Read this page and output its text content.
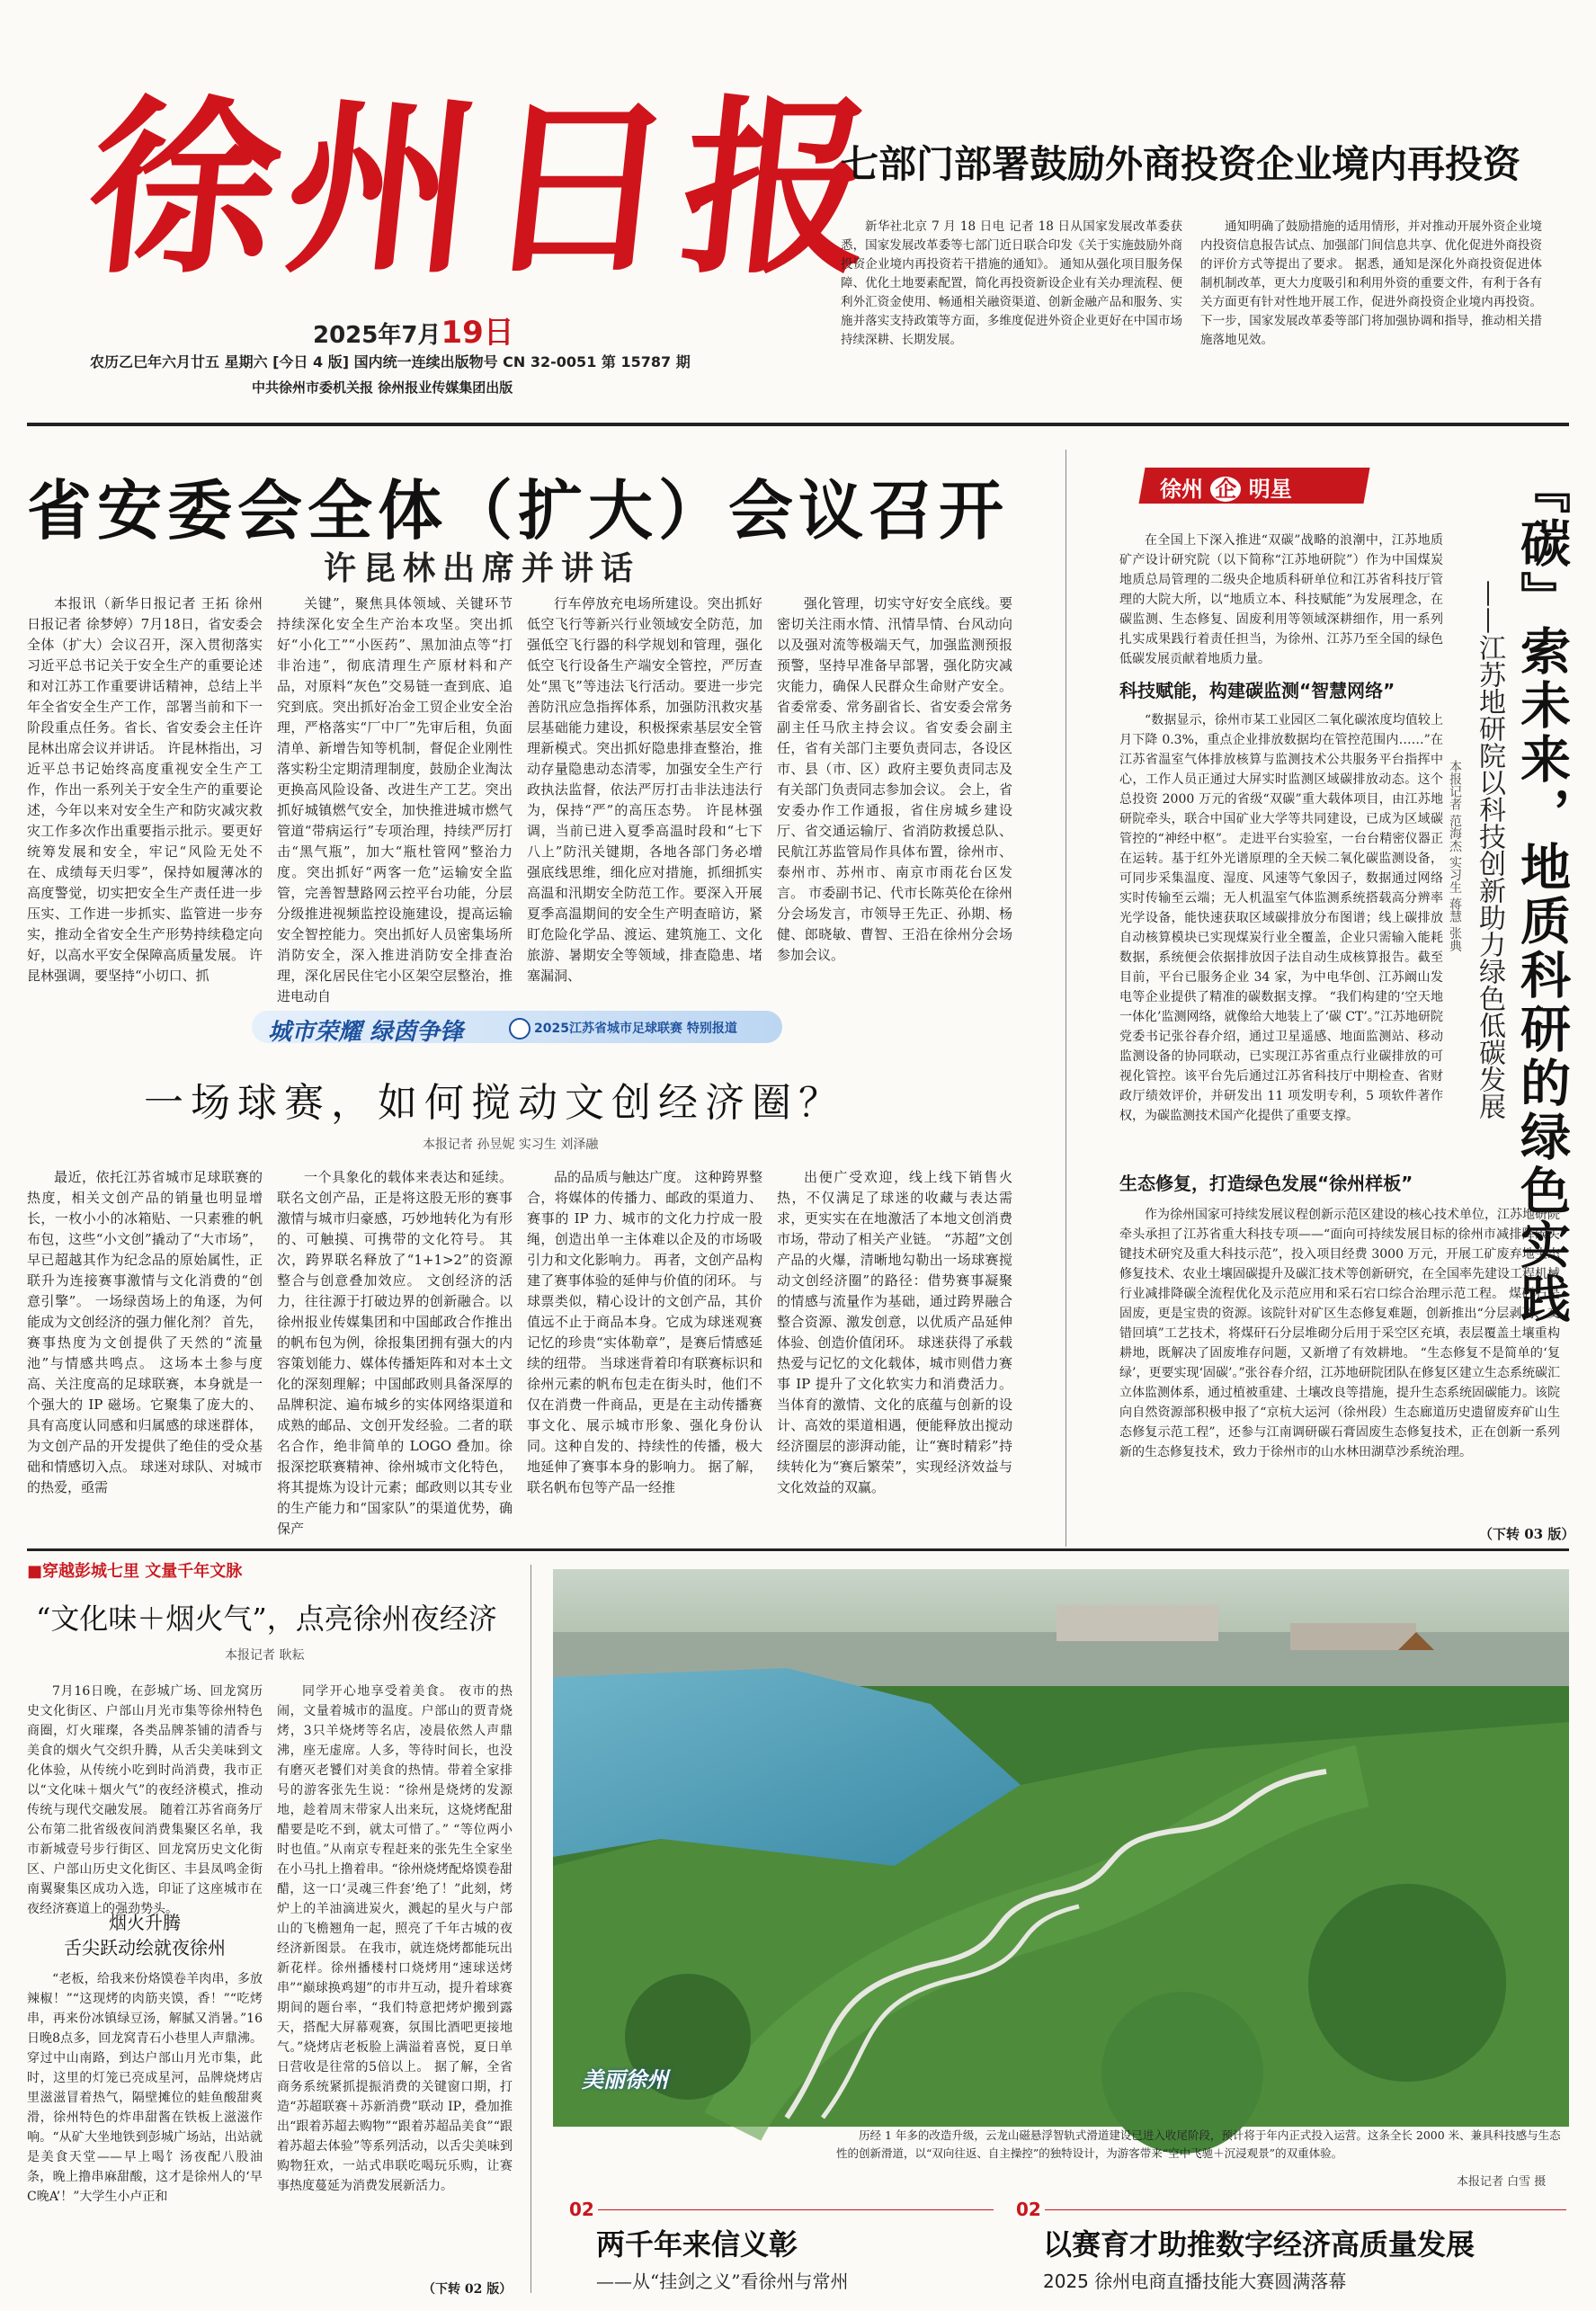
徐州日报
2025年7月19日
农历乙巳年六月廿五 星期六 [今日 4 版] 国内统一连续出版物号 CN 32-0051 第 15787 期
中共徐州市委机关报 徐州报业传媒集团出版
七部门部署鼓励外商投资企业境内再投资

新华社北京 7 月 18 日电 记者 18 日从国家发展改革委获悉，国家发展改革委等七部门近日联合印发《关于实施鼓励外商投资企业境内再投资若干措施的通知》。 通知从强化项目服务保障、优化土地要素配置，简化再投资新设企业有关办理流程、便利外汇资金使用、畅通相关融资渠道、创新金融产品和服务、实施并落实支持政策等方面，多维度促进外资企业更好在中国市场持续深耕、长期发展。

通知明确了鼓励措施的适用情形，并对推动开展外资企业境内投资信息报告试点、加强部门间信息共享、优化促进外商投资的评价方式等提出了要求。 据悉，通知是深化外商投资促进体制机制改革，更大力度吸引和利用外资的重要文件，有利于各有关方面更有针对性地开展工作，促进外商投资企业境内再投资。下一步，国家发展改革委等部门将加强协调和指导，推动相关措施落地见效。

省安委会全体（扩大）会议召开
许昆林出席并讲话

本报讯（新华日报记者 王拓 徐州日报记者 徐梦婷）7月18日，省安委会全体（扩大）会议召开，深入贯彻落实习近平总书记关于安全生产的重要论述和对江苏工作重要讲话精神，总结上半年全省安全生产工作，部署当前和下一阶段重点任务。省长、省安委会主任许昆林出席会议并讲话。 许昆林指出，习近平总书记始终高度重视安全生产工作，作出一系列关于安全生产的重要论述，今年以来对安全生产和防灾减灾救灾工作多次作出重要指示批示。要更好统筹发展和安全，牢记“风险无处不在、成绩每天归零”，保持如履薄冰的高度警觉，切实把安全生产责任进一步压实、工作进一步抓实、监管进一步夯实，推动全省安全生产形势持续稳定向好，以高水平安全保障高质量发展。 许昆林强调，要坚持“小切口、抓

关键”，聚焦具体领域、关键环节持续深化安全生产治本攻坚。突出抓好“小化工”“小医药”、黑加油点等“打非治违”，彻底清理生产原材料和产品，对原料“灰色”交易链一查到底、追究到底。突出抓好冶金工贸企业安全治理，严格落实“厂中厂”先审后租，负面清单、新增告知等机制，督促企业刚性落实粉尘定期清理制度，鼓励企业淘汰更换高风险设备、改进生产工艺。突出抓好城镇燃气安全，加快推进城市燃气管道“带病运行”专项治理，持续严厉打击“黑气瓶”，加大“瓶杜管网”整治力度。突出抓好“两客一危”运输安全监管，完善智慧路网云控平台功能，分层分级推进视频监控设施建设，提高运输安全智控能力。突出抓好人员密集场所消防安全，深入推进消防安全排查治理，深化居民住宅小区架空层整治，推进电动自

行车停放充电场所建设。突出抓好低空飞行等新兴行业领域安全防范，加强低空飞行器的科学规划和管理，强化低空飞行设备生产端安全管控，严厉查处“黑飞”等违法飞行活动。要进一步完善防汛应急指挥体系，加强防汛救灾基层基础能力建设，积极探索基层安全管理新模式。突出抓好隐患排查整治，推动存量隐患动态清零，加强安全生产行政执法监督，依法严厉打击非法违法行为，保持“严”的高压态势。 许昆林强调，当前已进入夏季高温时段和“七下八上”防汛关键期，各地各部门务必增强底线思维，细化应对措施，抓细抓实高温和汛期安全防范工作。要深入开展夏季高温期间的安全生产明查暗访，紧盯危险化学品、渡运、建筑施工、文化旅游、暑期安全等领域，排查隐患、堵塞漏洞、

强化管理，切实守好安全底线。要密切关注雨水情、汛情旱情、台风动向以及强对流等极端天气，加强监测预报预警，坚持早准备早部署，强化防灾减灾能力，确保人民群众生命财产安全。 省委常委、常务副省长、省安委会常务副主任马欣主持会议。省安委会副主任，省有关部门主要负责同志，各设区市、县（市、区）政府主要负责同志及有关部门负责同志参加会议。 会上，省安委办作工作通报，省住房城乡建设厅、省交通运输厅、省消防救援总队、民航江苏监管局作具体布置，徐州市、泰州市、苏州市、南京市雨花台区发言。 市委副书记、代市长陈英伦在徐州分会场发言，市领导王先正、孙期、杨健、郎晓敏、曹智、王沿在徐州分会场参加会议。

徐州 企 明星

在全国上下深入推进“双碳”战略的浪潮中，江苏地质矿产设计研究院（以下简称“江苏地研院”）作为中国煤炭地质总局管理的二级央企地质科研单位和江苏省科技厅管理的大院大所，以“地质立本、科技赋能”为发展理念，在碳监测、生态修复、固废利用等领域深耕细作，用一系列扎实成果践行着责任担当，为徐州、江苏乃至全国的绿色低碳发展贡献着地质力量。

科技赋能，构建碳监测“智慧网络”

“数据显示，徐州市某工业园区二氧化碳浓度均值较上月下降 0.3%，重点企业排放数据均在管控范围内……”在江苏省温室气体排放核算与监测技术公共服务平台指挥中心，工作人员正通过大屏实时监测区域碳排放动态。这个总投资 2000 万元的省级“双碳”重大载体项目，由江苏地研院牵头，联合中国矿业大学等共同建设，已成为区域碳管控的“神经中枢”。 走进平台实验室，一台台精密仪器正在运转。基于红外光谱原理的全天候二氧化碳监测设备，可同步采集温度、湿度、风速等气象因子，数据通过网络实时传输至云端；无人机温室气体监测系统搭载高分辨率光学设备，能快速获取区域碳排放分布图谱；线上碳排放自动核算模块已实现煤炭行业全覆盖，企业只需输入能耗数据，系统便会依据排放因子法自动生成核算报告。截至目前，平台已服务企业 34 家，为中电华创、江苏阚山发电等企业提供了精准的碳数据支撑。 “我们构建的‘空天地一体化’监测网络，就像给大地装上了‘碳 CT’。”江苏地研院党委书记张谷春介绍，通过卫星遥感、地面监测站、移动监测设备的协同联动，已实现江苏省重点行业碳排放的可视化管控。该平台先后通过江苏省科技厅中期检查、省财政厅绩效评价，并研发出 11 项发明专利，5 项软件著作权，为碳监测技术国产化提供了重要支撑。

生态修复，打造绿色发展“徐州样板”

作为徐州国家可持续发展议程创新示范区建设的核心技术单位，江苏地研院牵头承担了江苏省重大科技专项——“面向可持续发展目标的徐州市减排降碳关键技术研究及重大科技示范”，投入项目经费 3000 万元，开展工矿废弃地生态修复技术、农业土壤固碳提升及碳汇技术等创新研究，在全国率先建设工程机械行业减排降碳全流程优化及示范应用和采石宕口综合治理示范工程。 煤矸石是固废，更是宝贵的资源。该院针对矿区生态修复难题，创新推出“分层剥离、交错回填”工艺技术，将煤矸石分层堆砌分后用于采空区充填，表层覆盖土壤重构耕地，既解决了固废堆存问题，又新增了有效耕地。 “生态修复不是简单的‘复绿’，更要实现‘固碳’。”张谷春介绍，江苏地研院团队在修复区建立生态系统碳汇立体监测体系，通过植被重建、土壤改良等措施，提升生态系统固碳能力。该院向自然资源部积极申报了“京杭大运河（徐州段）生态廊道历史遗留废弃矿山生态修复示范工程”，还参与江南调研碳石膏固废生态修复技术，正在创新一系列新的生态修复技术，致力于徐州市的山水林田湖草沙系统治理。

（下转 03 版）
『碳』索未来，地质科研的绿色实践
——江苏地研院以科技创新助力绿色低碳发展
本报记者 范海杰 实习生 蒋慧 张典
城市荣耀 绿茵争锋	2025江苏省城市足球联赛 特别报道
一场球赛，如何搅动文创经济圈？
本报记者 孙昱妮 实习生 刘泽融

最近，依托江苏省城市足球联赛的热度，相关文创产品的销量也明显增长，一枚小小的冰箱贴、一只素雅的帆布包，这些“小文创”撬动了“大市场”，早已超越其作为纪念品的原始属性，正联升为连接赛事激情与文化消费的“创意引擎”。 一场绿茵场上的角逐，为何能成为文创经济的强力催化剂？ 首先，赛事热度为文创提供了天然的“流量池”与情感共鸣点。 这场本土参与度高、关注度高的足球联赛，本身就是一个强大的 IP 磁场。它聚集了庞大的、具有高度认同感和归属感的球迷群体，为文创产品的开发提供了绝佳的受众基础和情感切入点。 球迷对球队、对城市的热爱，亟需

一个具象化的载体来表达和延续。联名文创产品，正是将这股无形的赛事激情与城市归豪感，巧妙地转化为有形的、可触摸、可携带的文化符号。 其次，跨界联名释放了“1+1>2”的资源整合与创意叠加效应。 文创经济的活力，往往源于打破边界的创新融合。以徐州报业传媒集团和中国邮政合作推出的帆布包为例，徐报集团拥有强大的内容策划能力、媒体传播矩阵和对本土文化的深刻理解；中国邮政则具备深厚的品牌积淀、遍布城乡的实体网络渠道和成熟的邮品、文创开发经验。二者的联名合作，绝非简单的 LOGO 叠加。徐报深挖联赛精神、徐州城市文化特色，将其提炼为设计元素；邮政则以其专业的生产能力和“国家队”的渠道优势，确保产

品的品质与触达广度。 这种跨界整合，将媒体的传播力、邮政的渠道力、赛事的 IP 力、城市的文化力拧成一股绳，创造出单一主体难以企及的市场吸引力和文化影响力。 再者，文创产品构建了赛事体验的延伸与价值的闭环。 与球票类似，精心设计的文创产品，其价值远不止于商品本身。它成为球迷观赛记忆的珍贵“实体勒章”，是赛后情感延续的纽带。 当球迷背着印有联赛标识和徐州元素的帆布包走在街头时，他们不仅在消费一件商品，更是在主动传播赛事文化、展示城市形象、强化身份认同。这种自发的、持续性的传播，极大地延伸了赛事本身的影响力。 据了解，联名帆布包等产品一经推

出便广受欢迎，线上线下销售火热，不仅满足了球迷的收藏与表达需求，更实实在在地激活了本地文创消费市场，带动了相关产业链。 “苏超”文创产品的火爆，清晰地勾勒出一场球赛搅动文创经济圈”的路径：借势赛事凝聚的情感与流量作为基础，通过跨界融合整合资源、激发创意，以优质产品延伸体验、创造价值闭环。 球迷获得了承载热爱与记忆的文化载体，城市则借力赛事 IP 提升了文化软实力和消费活力。 当体育的激情、文化的底蕴与创新的设计、高效的渠道相遇，便能释放出搅动经济圈层的澎湃动能，让“赛时精彩”持续转化为“赛后繁荣”，实现经济效益与文化效益的双赢。

■穿越彭城七里 文量千年文脉
“文化味＋烟火气”，点亮徐州夜经济
本报记者 耿耘

7月16日晚，在彭城广场、回龙窝历史文化街区、户部山月光市集等徐州特色商圈，灯火璀璨，各类品牌茶铺的清香与美食的烟火气交织升腾，从舌尖美味到文化体验，从传统小吃到时尚消费，我市正以“文化味＋烟火气”的夜经济模式，推动传统与现代交融发展。 随着江苏省商务厅公布第二批省级夜间消费集聚区名单，我市新城壹号步行街区、回龙窝历史文化街区、户部山历史文化街区、丰县凤鸣金街南翼聚集区成功入选，印证了这座城市在夜经济赛道上的强劲势头。

烟火升腾
舌尖跃动绘就夜徐州

“老板，给我来份烙馍卷羊肉串，多放辣椒！”“这现烤的肉筋夹馍，香！”“吃烤串，再来份冰镇绿豆汤，解腻又消暑。”16日晚8点多，回龙窝青石小巷里人声鼎沸。 穿过中山南路，到达户部山月光市集，此时，这里的灯笼已亮成星河，品牌烧烤店里滋滋冒着热气，隔壁摊位的蛙鱼酸甜爽滑，徐州特色的炸串甜酱在铁板上滋滋作响。“从矿大坐地铁到彭城广场站，出站就是美食天堂——早上喝饣汤夜配八股油条，晚上撸串麻甜酸，这才是徐州人的‘早C晚A’！”大学生小卢正和

同学开心地享受着美食。 夜市的热闹，文量着城市的温度。户部山的贾青烧烤，3只羊烧烤等名店，凌晨依然人声鼎沸，座无虚席。人多，等待时间长，也没有磨灭老饕们对美食的热情。带着全家排号的游客张先生说：“徐州是烧烤的发源地，趁着周末带家人出来玩，这烧烤配甜醋要是吃不到，就太可惜了。” “等位两小时也值。”从南京专程赶来的张先生全家坐在小马扎上撸着串。“徐州烧烤配烙馍卷甜醋，这一口‘灵魂三件套’绝了！”此刻，烤炉上的羊油滴进炭火，溅起的星火与户部山的飞檐翘角一起，照亮了千年古城的夜经济新图景。 在我市，就连烧烤都能玩出新花样。徐州播楼村口烧烤用“速球送烤串”“巅球换鸡翅”的市井互动，提升着球赛期间的题台率，“我们特意把烤炉搬到露天，搭配大屏幕观赛，氛围比酒吧更接地气。”烧烤店老板脸上满溢着喜悦，夏日单日营收是往常的5倍以上。 据了解，全省商务系统紧抓提振消费的关键窗口期，打造“苏超联赛＋苏新消费”联动 IP，叠加推出“跟着苏超去购物”“跟着苏超品美食”“跟着苏超去体验”等系列活动，以舌尖美味到购物狂欢，一站式串联吃喝玩乐购，让赛事热度蔓延为消费发展新活力。

（下转 02 版）
美丽徐州

历经 1 年多的改造升级，云龙山磁悬浮智轨式滑道建设已进入收尾阶段，预计将于年内正式投入运营。这条全长 2000 米、兼具科技感与生态性的创新滑道，以“双向往返、自主操控”的独特设计，为游客带来“空中飞驰＋沉浸观景”的双重体验。

本报记者 白雪 摄
02
两千年来信义彰
——从“挂剑之义”看徐州与常州
02
以赛育才助推数字经济高质量发展
2025 徐州电商直播技能大赛圆满落幕
